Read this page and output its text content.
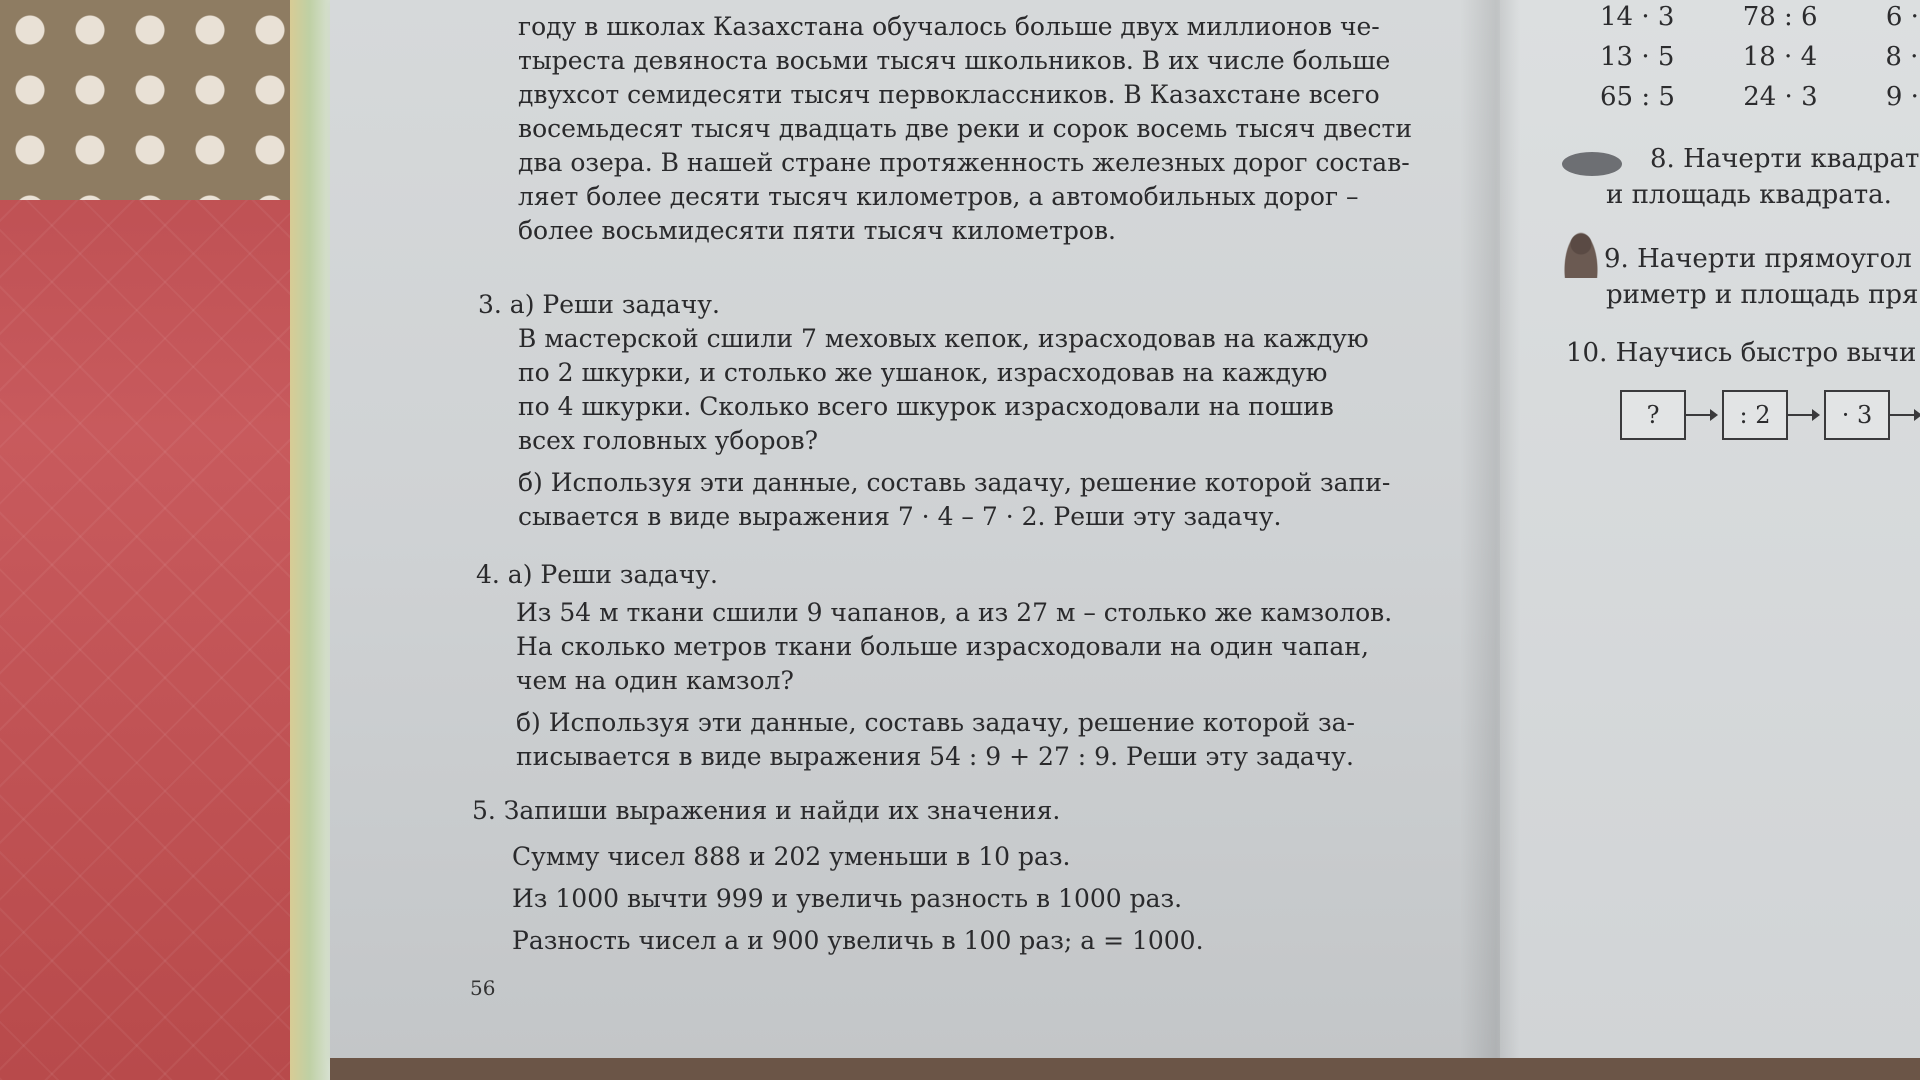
году в школах Казахстана обучалось больше двух миллионов че-
тыреста девяноста восьми тысяч школьников. В их числе больше
двухсот семидесяти тысяч первоклассников. В Казахстане всего
восемьдесят тысяч двадцать две реки и сорок восемь тысяч двести
два озера. В нашей стране протяженность железных дорог состав-
ляет более десяти тысяч километров, а автомобильных дорог –
более восьмидесяти пяти тысяч километров.
3. а) Реши задачу.
В мастерской сшили 7 меховых кепок, израсходовав на каждую
по 2 шкурки, и столько же ушанок, израсходовав на каждую
по 4 шкурки. Сколько всего шкурок израсходовали на пошив
всех головных уборов?
б) Используя эти данные, составь задачу, решение которой запи-
сывается в виде выражения 7 · 4 – 7 · 2. Реши эту задачу.
4. а) Реши задачу.
Из 54 м ткани сшили 9 чапанов, а из 27 м – столько же камзолов.
На сколько метров ткани больше израсходовали на один чапан,
чем на один камзол?
б) Используя эти данные, составь задачу, решение которой за-
писывается в виде выражения 54 : 9 + 27 : 9. Реши эту задачу.
5. Запиши выражения и найди их значения.
Сумму чисел 888 и 202 уменьши в 10 раз.
Из 1000 вычти 999 и увеличь разность в 1000 раз.
Разность чисел a и 900 увеличь в 100 раз; a = 1000.
56
14 · 3	78 : 6	6 ·
13 · 5	18 · 4	8 ·
65 : 5	24 · 3	9 ·
8. Начерти квадрат
и площадь квадрата.
9. Начерти прямоугол
риметр и площадь пря
10. Научись быстро вычи
?	: 2	· 3
